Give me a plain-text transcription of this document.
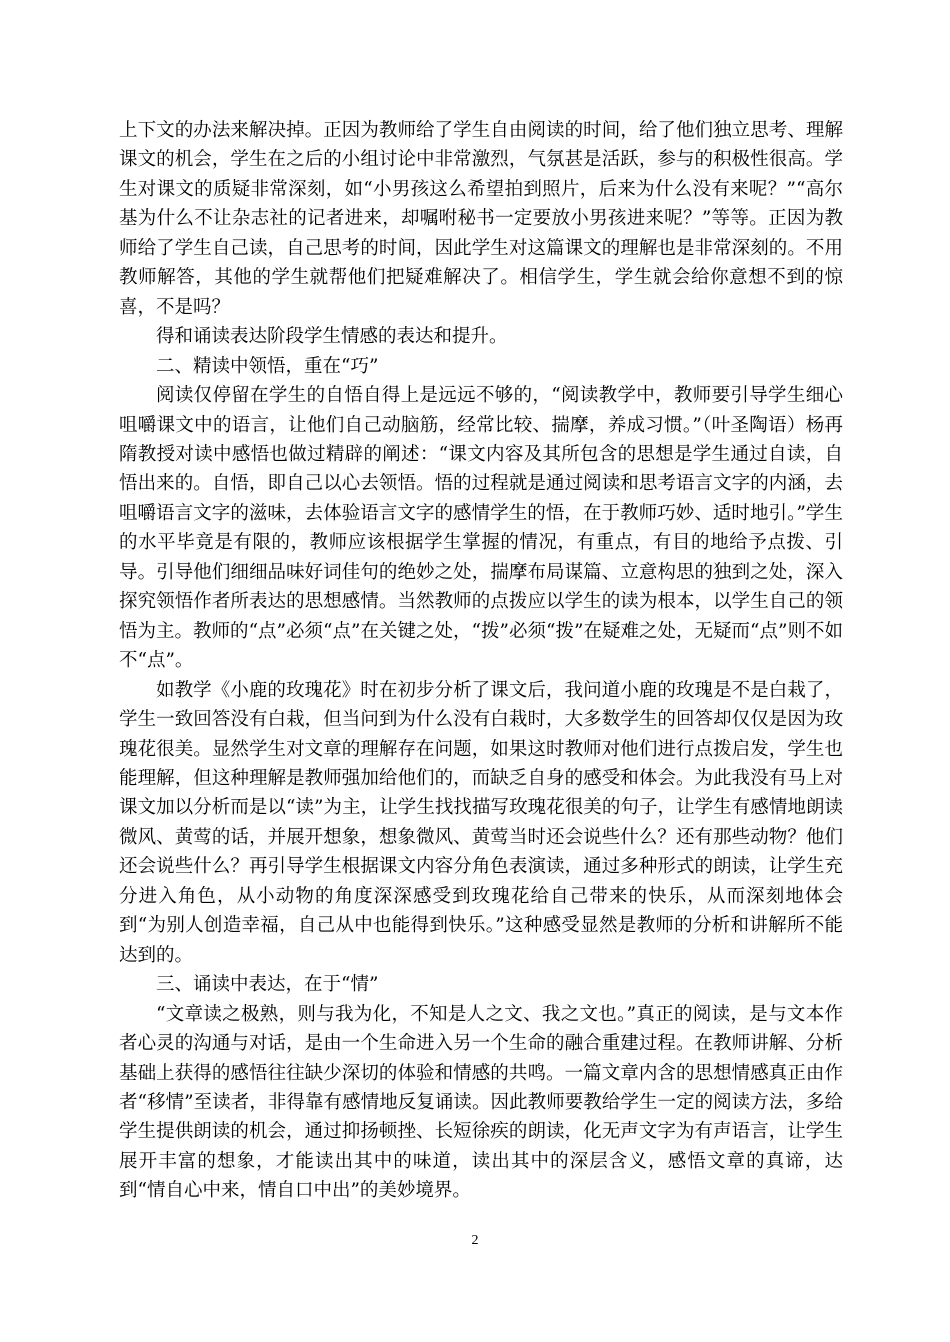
上下文的办法来解决掉。正因为教师给了学生自由阅读的时间，给了他们独立思考、理解课文的机会，学生在之后的小组讨论中非常激烈，气氛甚是活跃，参与的积极性很高。学生对课文的质疑非常深刻，如“小男孩这么希望拍到照片，后来为什么没有来呢？”“高尔基为什么不让杂志社的记者进来，却嘱咐秘书一定要放小男孩进来呢？”等等。正因为教师给了学生自己读，自己思考的时间，因此学生对这篇课文的理解也是非常深刻的。不用教师解答，其他的学生就帮他们把疑难解决了。相信学生，学生就会给你意想不到的惊喜，不是吗？

得和诵读表达阶段学生情感的表达和提升。

二、精读中领悟，重在“巧”

阅读仅停留在学生的自悟自得上是远远不够的，“阅读教学中，教师要引导学生细心咀嚼课文中的语言，让他们自己动脑筋，经常比较、揣摩，养成习惯。”（叶圣陶语）杨再隋教授对读中感悟也做过精辟的阐述：“课文内容及其所包含的思想是学生通过自读，自悟出来的。自悟，即自己以心去领悟。悟的过程就是通过阅读和思考语言文字的内涵，去咀嚼语言文字的滋味，去体验语言文字的感情学生的悟，在于教师巧妙、适时地引。”学生的水平毕竟是有限的，教师应该根据学生掌握的情况，有重点，有目的地给予点拨、引导。引导他们细细品味好词佳句的绝妙之处，揣摩布局谋篇、立意构思的独到之处，深入探究领悟作者所表达的思想感情。当然教师的点拨应以学生的读为根本，以学生自己的领悟为主。教师的“点”必须“点”在关键之处，“拨”必须“拨”在疑难之处，无疑而“点”则不如不“点”。

如教学《小鹿的玫瑰花》时在初步分析了课文后，我问道小鹿的玫瑰是不是白栽了，学生一致回答没有白栽，但当问到为什么没有白栽时，大多数学生的回答却仅仅是因为玫瑰花很美。显然学生对文章的理解存在问题，如果这时教师对他们进行点拨启发，学生也能理解，但这种理解是教师强加给他们的，而缺乏自身的感受和体会。为此我没有马上对课文加以分析而是以“读”为主，让学生找找描写玫瑰花很美的句子，让学生有感情地朗读微风、黄莺的话，并展开想象，想象微风、黄莺当时还会说些什么？还有那些动物？他们还会说些什么？再引导学生根据课文内容分角色表演读，通过多种形式的朗读，让学生充分进入角色，从小动物的角度深深感受到玫瑰花给自己带来的快乐，从而深刻地体会到“为别人创造幸福，自己从中也能得到快乐。”这种感受显然是教师的分析和讲解所不能达到的。

三、诵读中表达，在于“情”

“文章读之极熟，则与我为化，不知是人之文、我之文也。”真正的阅读，是与文本作者心灵的沟通与对话，是由一个生命进入另一个生命的融合重建过程。在教师讲解、分析基础上获得的感悟往往缺少深切的体验和情感的共鸣。一篇文章内含的思想情感真正由作者“移情”至读者，非得靠有感情地反复诵读。因此教师要教给学生一定的阅读方法，多给学生提供朗读的机会，通过抑扬顿挫、长短徐疾的朗读，化无声文字为有声语言，让学生展开丰富的想象，才能读出其中的味道，读出其中的深层含义，感悟文章的真谛，达到“情自心中来，情自口中出”的美妙境界。

2
